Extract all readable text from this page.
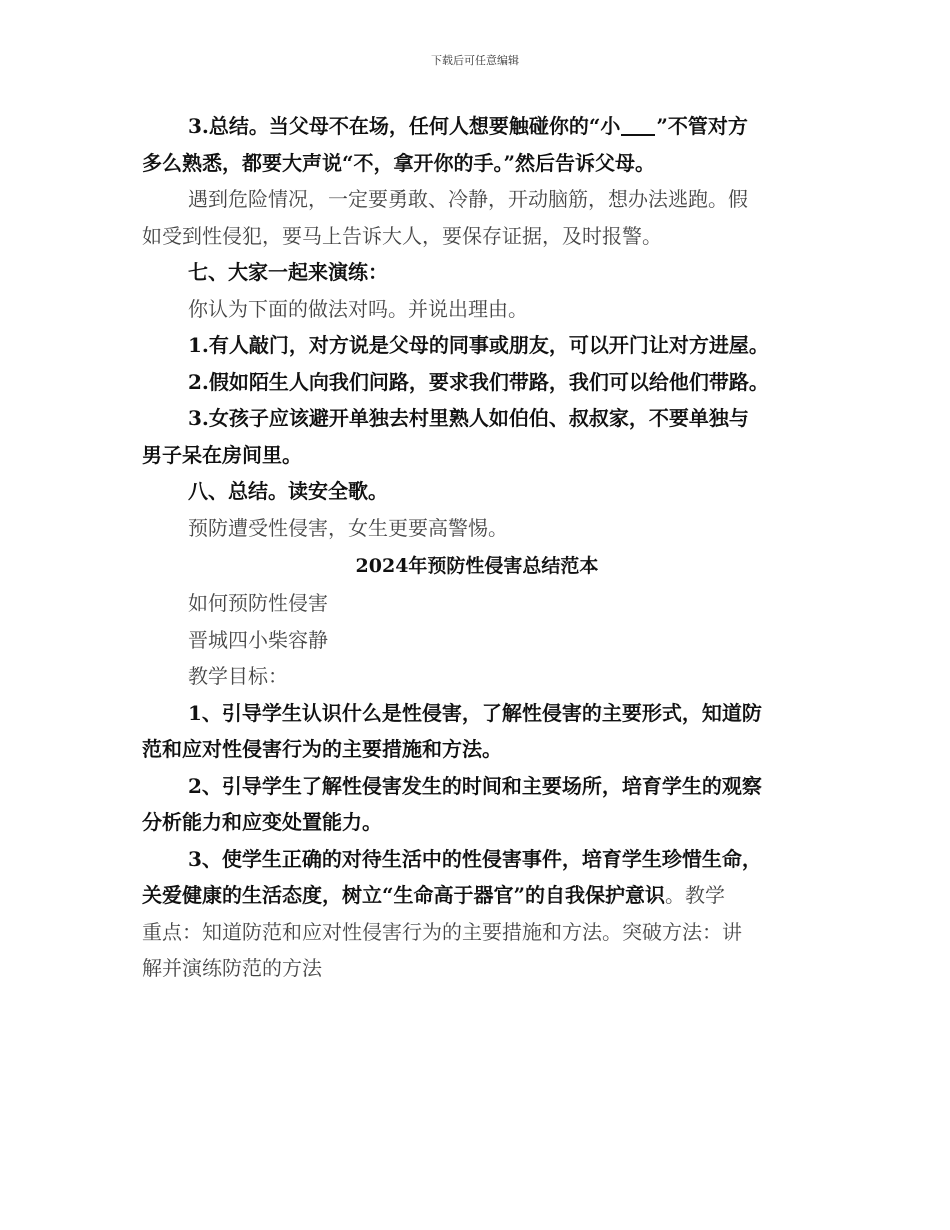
下载后可任意编辑

3.总结。当父母不在场，任何人想要触碰你的“小 ”不管对方
多么熟悉，都要大声说“不，拿开你的手。”然后告诉父母。

遇到危险情况，一定要勇敢、冷静，开动脑筋，想办法逃跑。假
如受到性侵犯，要马上告诉大人，要保存证据，及时报警。

七、大家一起来演练：

你认为下面的做法对吗。并说出理由。

1.有人敲门，对方说是父母的同事或朋友，可以开门让对方进屋。

2.假如陌生人向我们问路，要求我们带路，我们可以给他们带路。

3.女孩子应该避开单独去村里熟人如伯伯、叔叔家，不要单独与
男子呆在房间里。

八、总结。读安全歌。

预防遭受性侵害，女生更要高警惕。

2024年预防性侵害总结范本

如何预防性侵害

晋城四小柴容静

教学目标：

1、引导学生认识什么是性侵害，了解性侵害的主要形式，知道防
范和应对性侵害行为的主要措施和方法。

2、引导学生了解性侵害发生的时间和主要场所，培育学生的观察
分析能力和应变处置能力。

3、使学生正确的对待生活中的性侵害事件，培育学生珍惜生命，
关爱健康的生活态度，树立“生命高于器官”的自我保护意识。教学

重点：知道防范和应对性侵害行为的主要措施和方法。突破方法：讲
解并演练防范的方法
